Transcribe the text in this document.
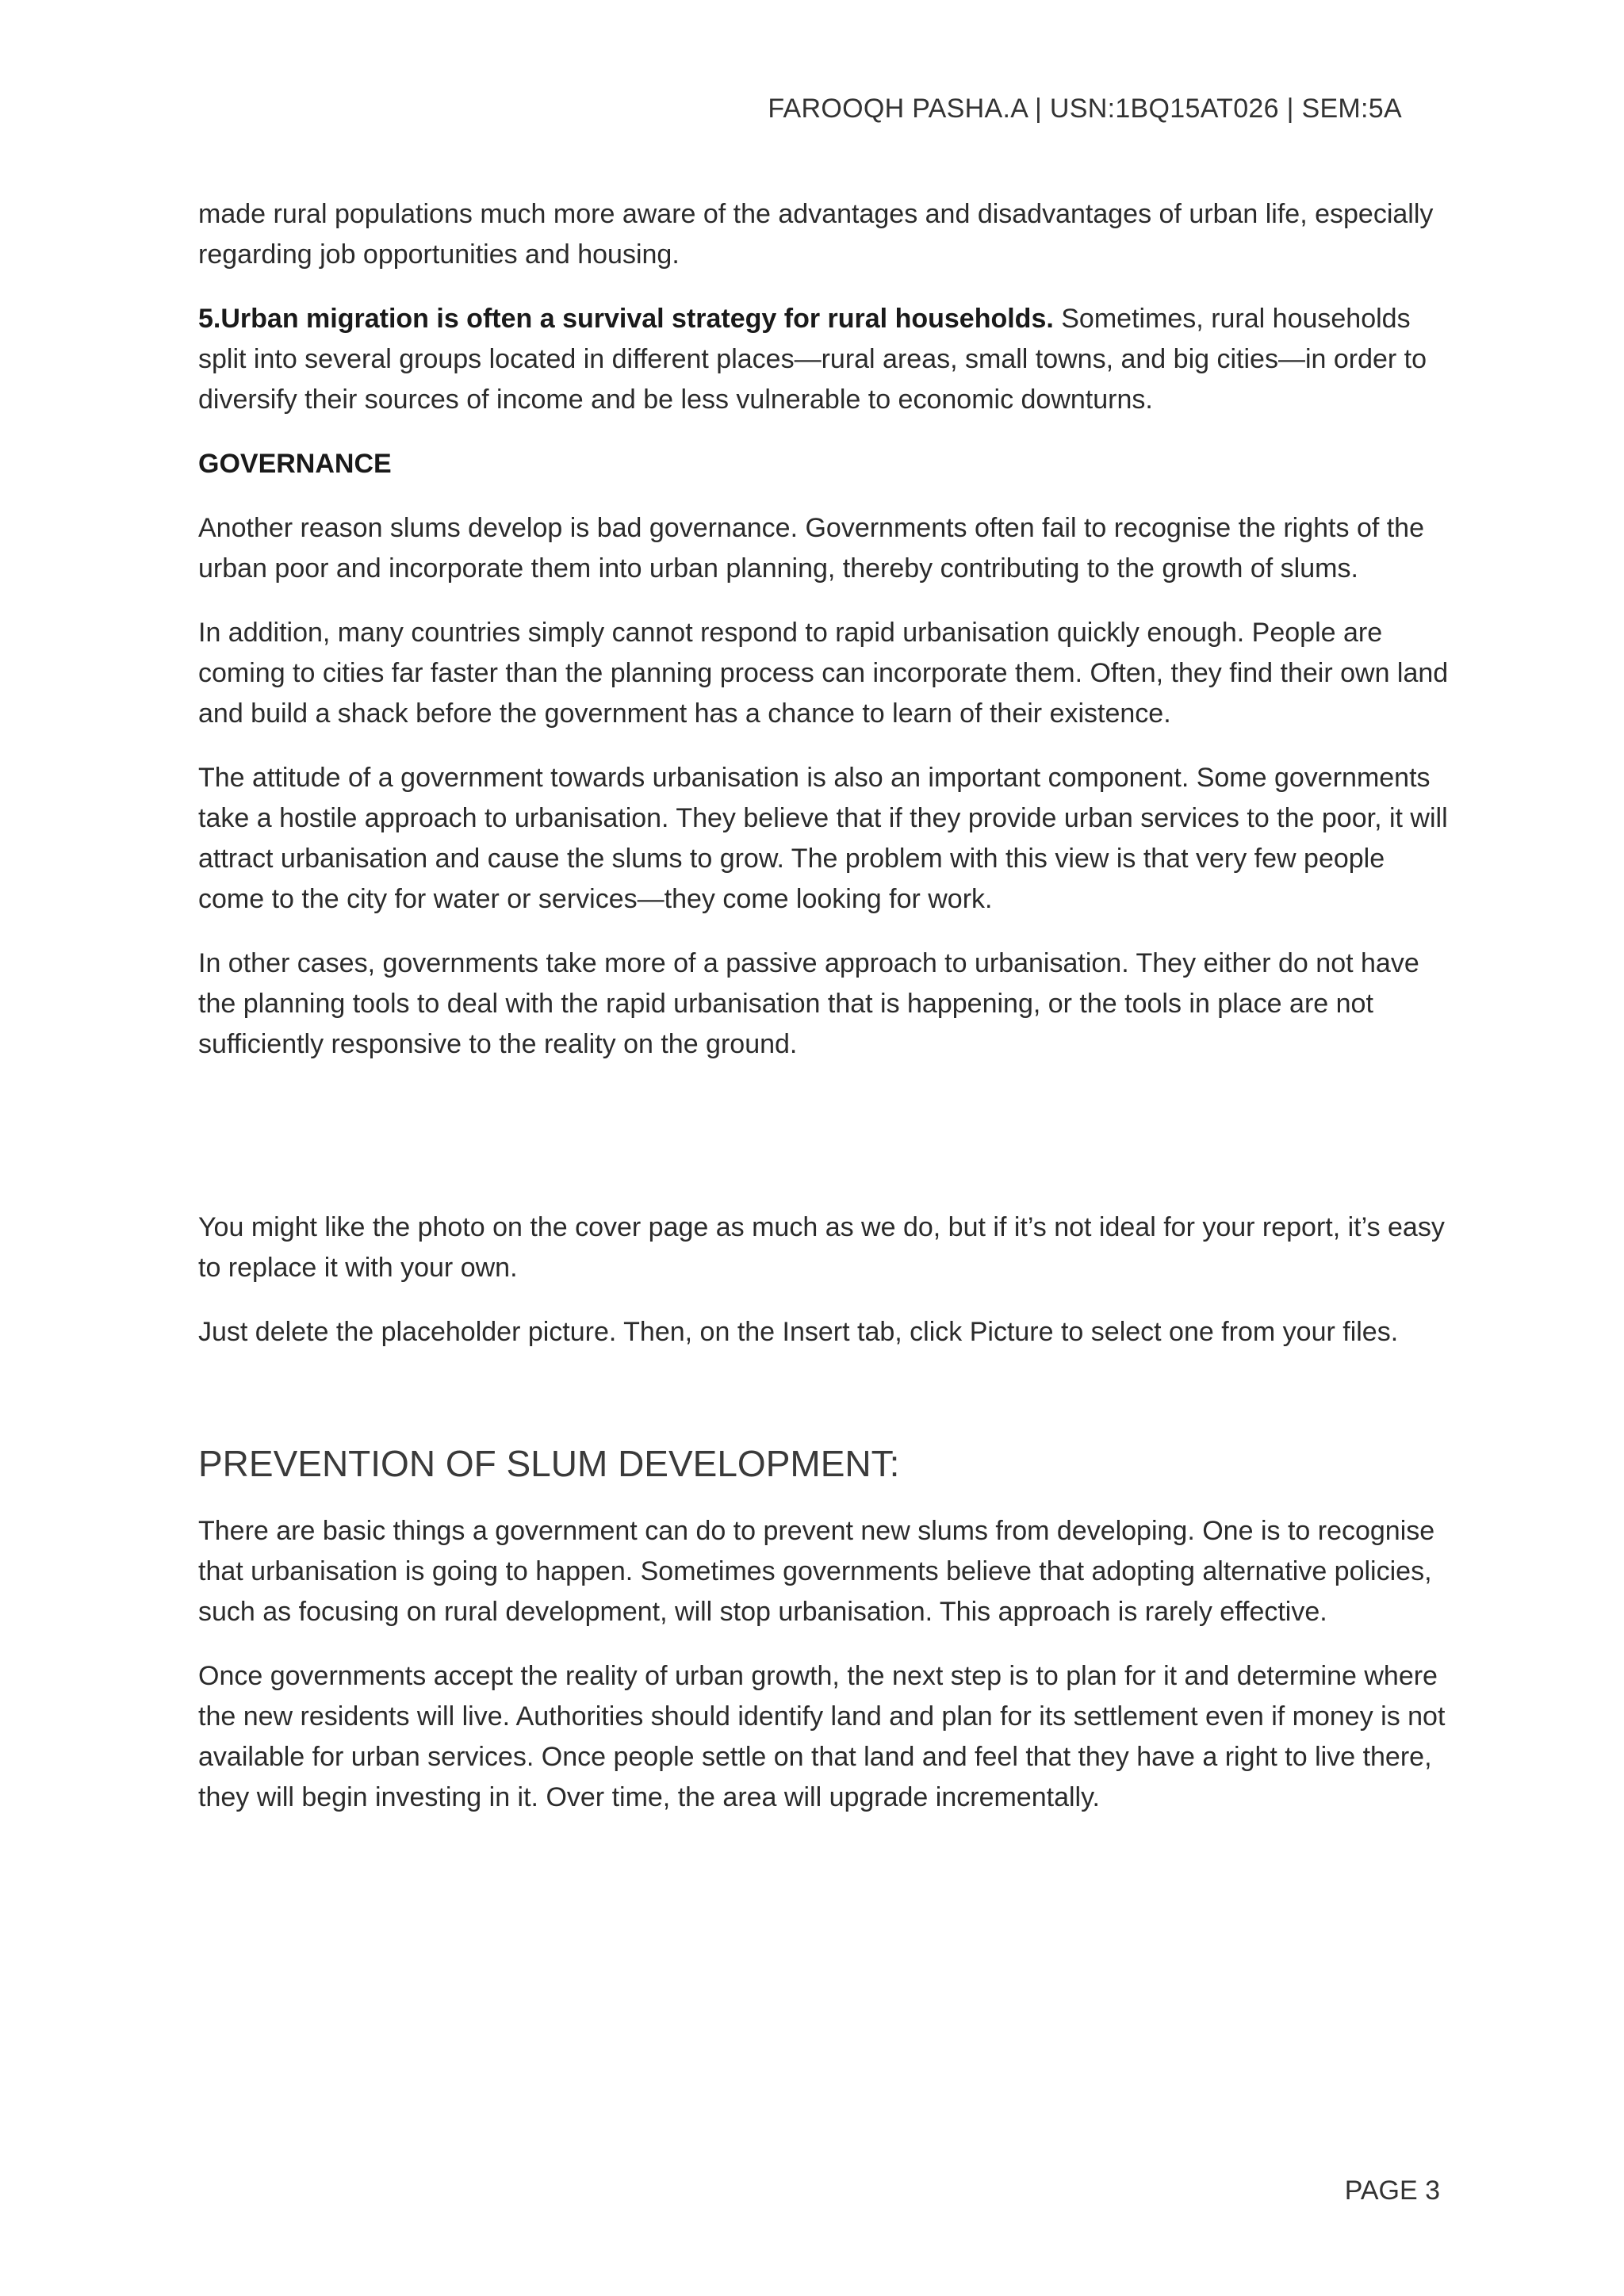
FAROOQH PASHA.A | USN:1BQ15AT026 | SEM:5A

made rural populations much more aware of the advantages and disadvantages of urban life, especially regarding job opportunities and housing.

5.Urban migration is often a survival strategy for rural households. Sometimes, rural households split into several groups located in different places—rural areas, small towns, and big cities—in order to diversify their sources of income and be less vulnerable to economic downturns.

GOVERNANCE

Another reason slums develop is bad governance. Governments often fail to recognise the rights of the urban poor and incorporate them into urban planning, thereby contributing to the growth of slums.

In addition, many countries simply cannot respond to rapid urbanisation quickly enough. People are coming to cities far faster than the planning process can incorporate them. Often, they find their own land and build a shack before the government has a chance to learn of their existence.

The attitude of a government towards urbanisation is also an important component. Some governments take a hostile approach to urbanisation. They believe that if they provide urban services to the poor, it will attract urbanisation and cause the slums to grow. The problem with this view is that very few people come to the city for water or services—they come looking for work.

In other cases, governments take more of a passive approach to urbanisation. They either do not have the planning tools to deal with the rapid urbanisation that is happening, or the tools in place are not sufficiently responsive to the reality on the ground.

You might like the photo on the cover page as much as we do, but if it’s not ideal for your report, it’s easy to replace it with your own.

Just delete the placeholder picture. Then, on the Insert tab, click Picture to select one from your files.

PREVENTION OF SLUM DEVELOPMENT:

There are basic things a government can do to prevent new slums from developing. One is to recognise that urbanisation is going to happen. Sometimes governments believe that adopting alternative policies, such as focusing on rural development, will stop urbanisation. This approach is rarely effective.

Once governments accept the reality of urban growth, the next step is to plan for it and determine where the new residents will live. Authorities should identify land and plan for its settlement even if money is not available for urban services. Once people settle on that land and feel that they have a right to live there, they will begin investing in it. Over time, the area will upgrade incrementally.

PAGE 3
